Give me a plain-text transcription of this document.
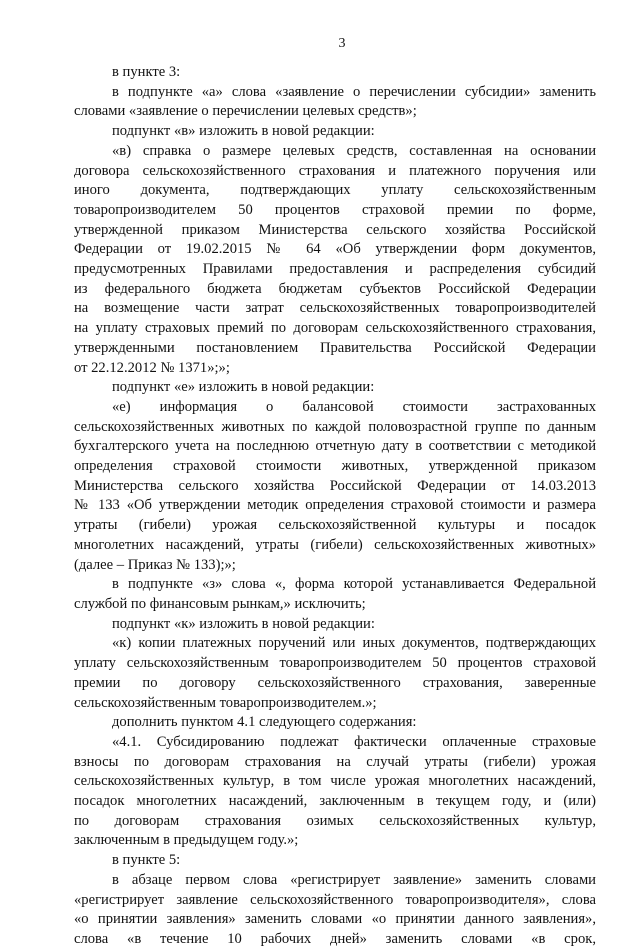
3
в пункте 3:
в подпункте «а» слова «заявление о перечислении субсидии» заменить
словами «заявление о перечислении целевых средств»;
подпункт «в» изложить в новой редакции:
«в) справка о размере целевых средств, составленная на основании
договора сельскохозяйственного страхования и платежного поручения или
иного документа, подтверждающих уплату сельскохозяйственным
товаропроизводителем 50 процентов страховой премии по форме,
утвержденной приказом Министерства сельского хозяйства Российской
Федерации от 19.02.2015 № 64 «Об утверждении форм документов,
предусмотренных Правилами предоставления и распределения субсидий
из федерального бюджета бюджетам субъектов Российской Федерации
на возмещение части затрат сельскохозяйственных товаропроизводителей
на уплату страховых премий по договорам сельскохозяйственного страхования,
утвержденными постановлением Правительства Российской Федерации
от 22.12.2012 № 1371»;»;
подпункт «е» изложить в новой редакции:
«е) информация о балансовой стоимости застрахованных
сельскохозяйственных животных по каждой половозрастной группе по данным
бухгалтерского учета на последнюю отчетную дату в соответствии с методикой
определения страховой стоимости животных, утвержденной приказом
Министерства сельского хозяйства Российской Федерации от 14.03.2013
№ 133 «Об утверждении методик определения страховой стоимости и размера
утраты (гибели) урожая сельскохозяйственной культуры и посадок
многолетних насаждений, утраты (гибели) сельскохозяйственных животных»
(далее – Приказ № 133);»;
в подпункте «з» слова «, форма которой устанавливается Федеральной
службой по финансовым рынкам,» исключить;
подпункт «к» изложить в новой редакции:
«к) копии платежных поручений или иных документов, подтверждающих
уплату сельскохозяйственным товаропроизводителем 50 процентов страховой
премии по договору сельскохозяйственного страхования, заверенные
сельскохозяйственным товаропроизводителем.»;
дополнить пунктом 4.1 следующего содержания:
«4.1. Субсидированию подлежат фактически оплаченные страховые
взносы по договорам страхования на случай утраты (гибели) урожая
сельскохозяйственных культур, в том числе урожая многолетних насаждений,
посадок многолетних насаждений, заключенным в текущем году, и (или)
по договорам страхования озимых сельскохозяйственных культур,
заключенным в предыдущем году.»;
в пункте 5:
в абзаце первом слова «регистрирует заявление» заменить словами
«регистрирует заявление сельскохозяйственного товаропроизводителя», слова
«о принятии заявления» заменить словами «о принятии данного заявления»,
слова «в течение 10 рабочих дней» заменить словами «в срок,
